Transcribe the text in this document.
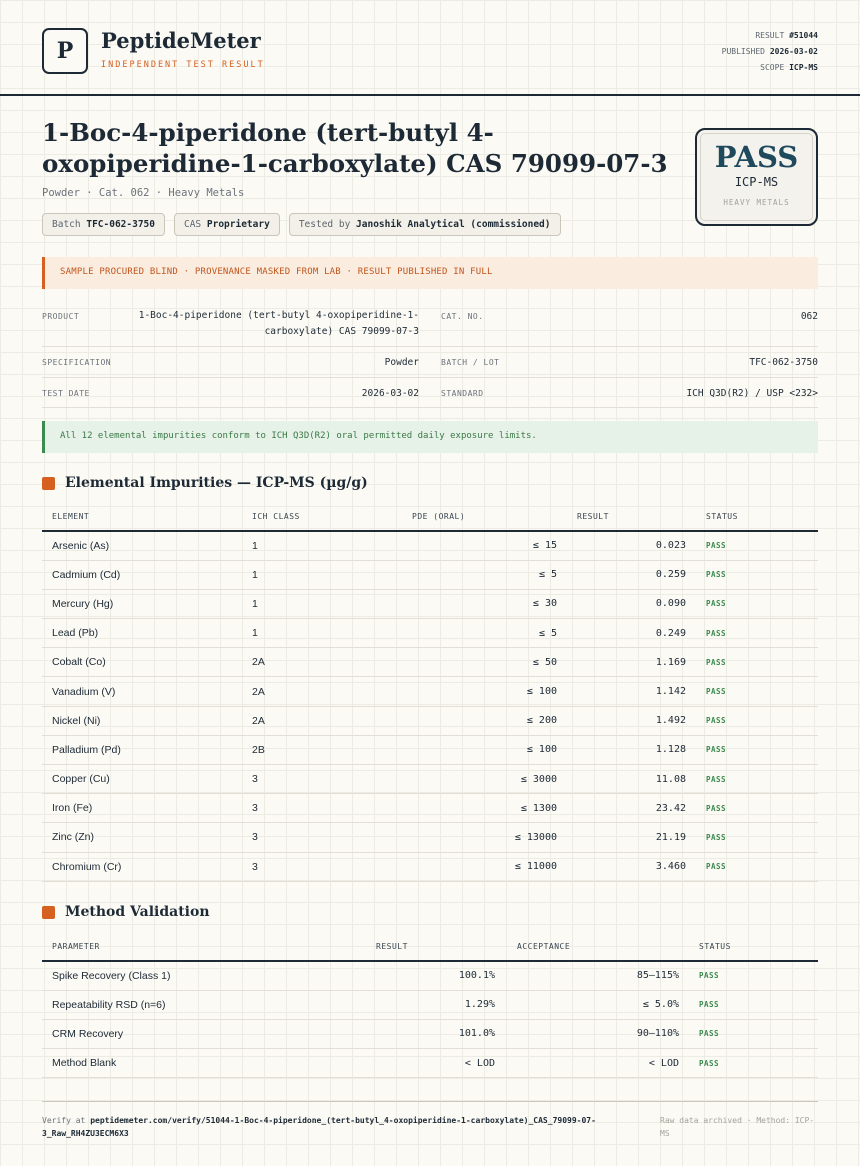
P PeptideMeter
INDEPENDENT TEST RESULT
RESULT #51044
PUBLISHED 2026-03-02
SCOPE ICP-MS
1-Boc-4-piperidone (tert-butyl 4-oxopiperidine-1-carboxylate) CAS 79099-07-3
Powder · Cat. 062 · Heavy Metals
Batch TFC-062-3750	CAS Proprietary	Tested by Janoshik Analytical (commissioned)
PASS
ICP-MS
HEAVY METALS
SAMPLE PROCURED BLIND · PROVENANCE MASKED FROM LAB · RESULT PUBLISHED IN FULL
PRODUCT	1-Boc-4-piperidone (tert-butyl 4-oxopiperidine-1-carboxylate) CAS 79099-07-3
CAT. NO.	062
SPECIFICATION	Powder	BATCH / LOT	TFC-062-3750
TEST DATE	2026-03-02	STANDARD	ICH Q3D(R2) / USP <232>
All 12 elemental impurities conform to ICH Q3D(R2) oral permitted daily exposure limits.
Elemental Impurities — ICP-MS (µg/g)
ELEMENT	ICH CLASS	PDE (ORAL)	RESULT	STATUS
Arsenic (As)	1	≤ 15	0.023	PASS
Cadmium (Cd)	1	≤ 5	0.259	PASS
Mercury (Hg)	1	≤ 30	0.090	PASS
Lead (Pb)	1	≤ 5	0.249	PASS
Cobalt (Co)	2A	≤ 50	1.169	PASS
Vanadium (V)	2A	≤ 100	1.142	PASS
Nickel (Ni)	2A	≤ 200	1.492	PASS
Palladium (Pd)	2B	≤ 100	1.128	PASS
Copper (Cu)	3	≤ 3000	11.08	PASS
Iron (Fe)	3	≤ 1300	23.42	PASS
Zinc (Zn)	3	≤ 13000	21.19	PASS
Chromium (Cr)	3	≤ 11000	3.460	PASS
Method Validation
PARAMETER	RESULT	ACCEPTANCE	STATUS
Spike Recovery (Class 1)	100.1%	85–115%	PASS
Repeatability RSD (n=6)	1.29%	≤ 5.0%	PASS
CRM Recovery	101.0%	90–110%	PASS
Method Blank	< LOD	< LOD	PASS
Verify at peptidemeter.com/verify/51044-1-Boc-4-piperidone_(tert-butyl_4-oxopiperidine-1-carboxylate)_CAS_79099-07-3_Raw_RH4ZU3ECM6X3
Raw data archived · Method: ICP-MS
